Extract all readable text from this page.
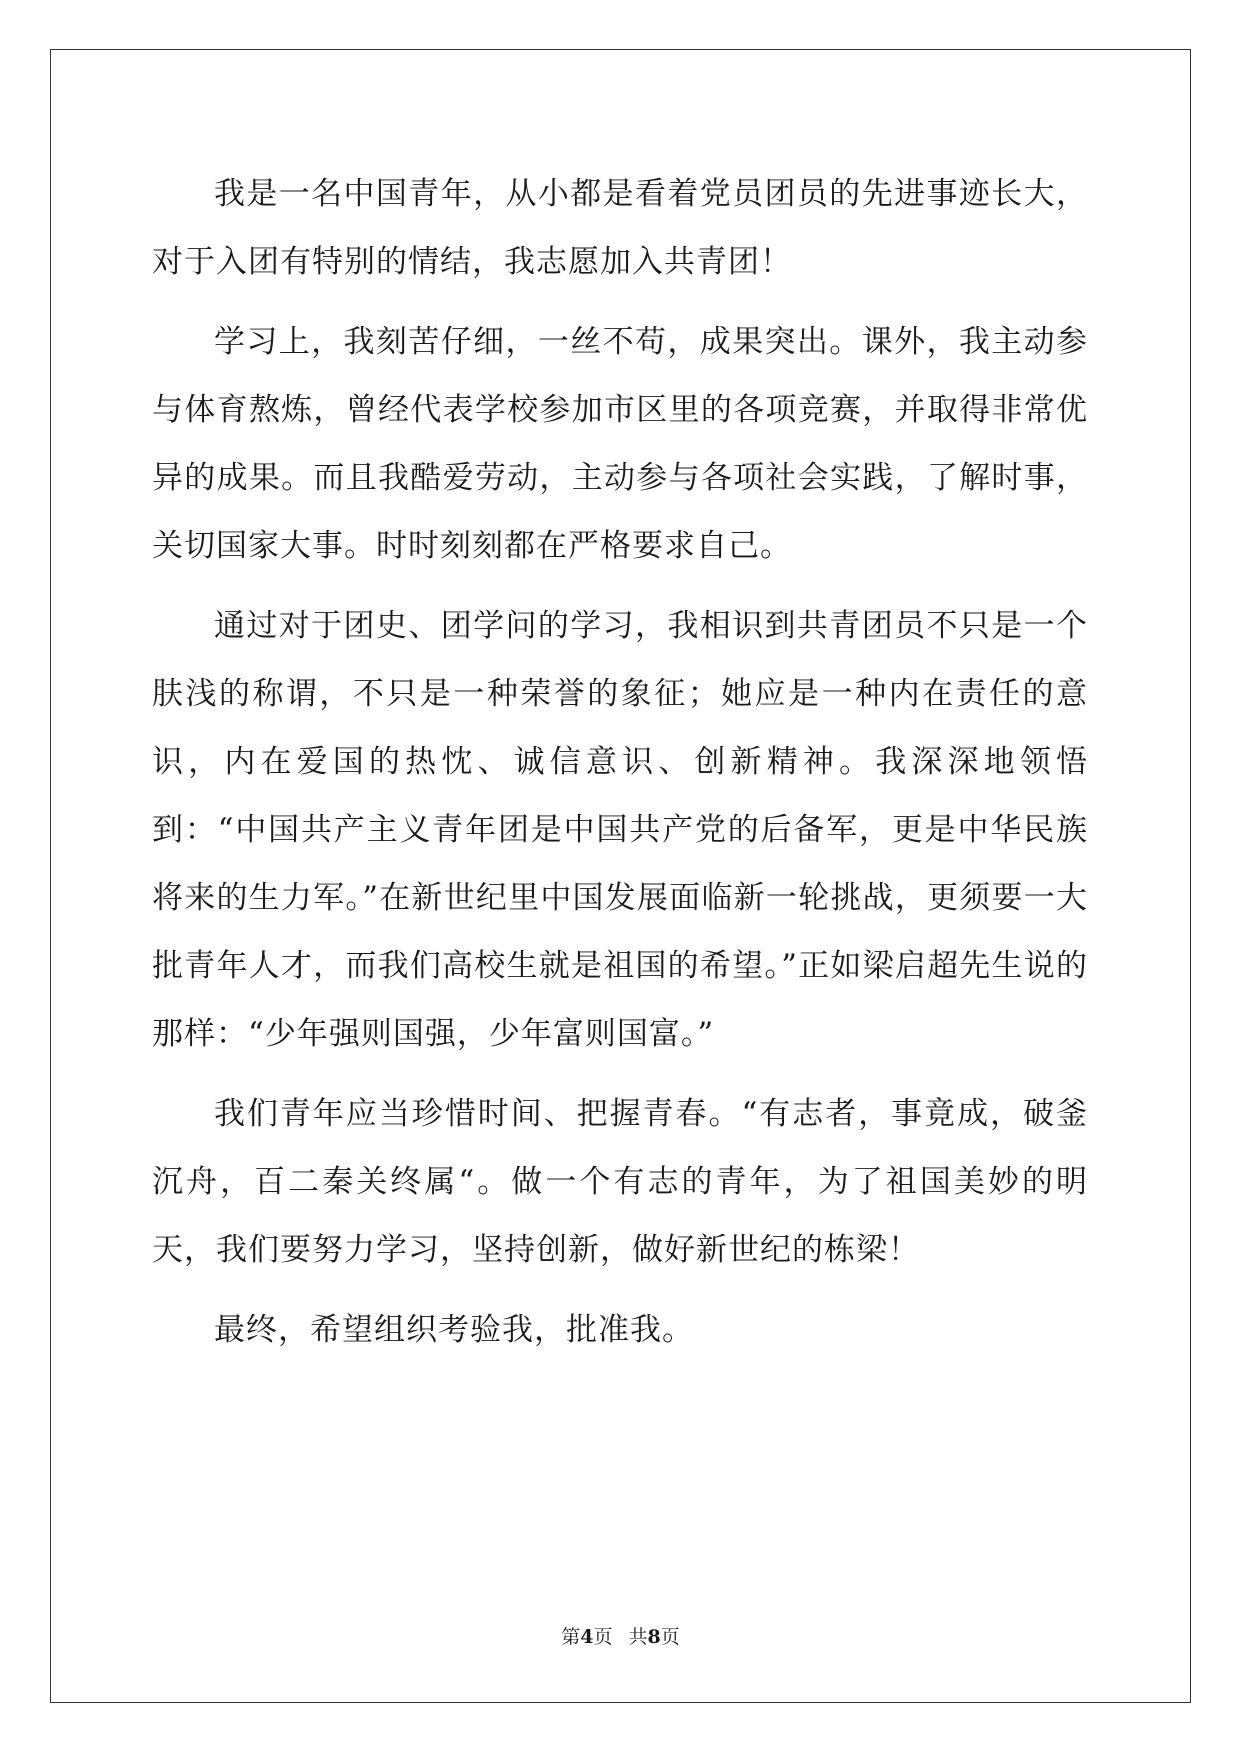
我是一名中国青年，从小都是看着党员团员的先进事迹长大，对于入团有特别的情结，我志愿加入共青团！

学习上，我刻苦仔细，一丝不苟，成果突出。课外，我主动参与体育熬炼，曾经代表学校参加市区里的各项竞赛，并取得非常优异的成果。而且我酷爱劳动，主动参与各项社会实践，了解时事，关切国家大事。时时刻刻都在严格要求自己。

通过对于团史、团学问的学习，我相识到共青团员不只是一个肤浅的称谓，不只是一种荣誉的象征；她应是一种内在责任的意识，内在爱国的热忱、诚信意识、创新精神。我深深地领悟到：“中国共产主义青年团是中国共产党的后备军，更是中华民族将来的生力军。”在新世纪里中国发展面临新一轮挑战，更须要一大批青年人才，而我们高校生就是祖国的希望。”正如梁启超先生说的那样：“少年强则国强，少年富则国富。”

我们青年应当珍惜时间、把握青春。“有志者，事竟成，破釜沉舟，百二秦关终属“。做一个有志的青年，为了祖国美妙的明天，我们要努力学习，坚持创新，做好新世纪的栋梁！

最终，希望组织考验我，批准我。

第4页 共8页
